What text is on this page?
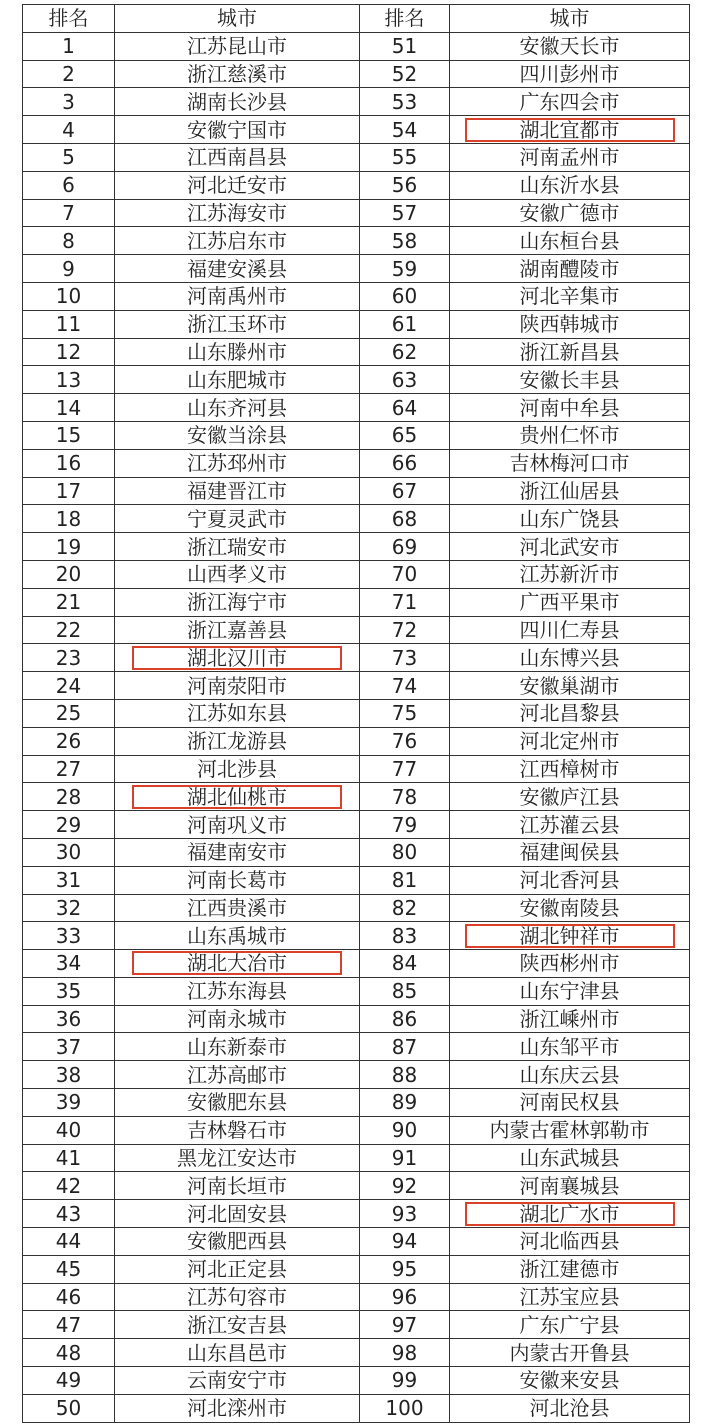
排名	城市	排名	城市
1	江苏昆山市	51	安徽天长市
2	浙江慈溪市	52	四川彭州市
3	湖南长沙县	53	广东四会市
4	安徽宁国市	54	湖北宜都市

5	江西南昌县	55	河南孟州市
6	河北迁安市	56	山东沂水县
7	江苏海安市	57	安徽广德市
8	江苏启东市	58	山东桓台县
9	福建安溪县	59	湖南醴陵市
10	河南禹州市	60	河北辛集市
11	浙江玉环市	61	陕西韩城市
12	山东滕州市	62	浙江新昌县
13	山东肥城市	63	安徽长丰县
14	山东齐河县	64	河南中牟县
15	安徽当涂县	65	贵州仁怀市
16	江苏邳州市	66	吉林梅河口市
17	福建晋江市	67	浙江仙居县
18	宁夏灵武市	68	山东广饶县
19	浙江瑞安市	69	河北武安市
20	山西孝义市	70	江苏新沂市
21	浙江海宁市	71	广西平果市
22	浙江嘉善县	72	四川仁寿县
23	湖北汉川市	73	山东博兴县
24	河南荥阳市	74	安徽巢湖市
25	江苏如东县	75	河北昌黎县
26	浙江龙游县	76	河北定州市
27	河北涉县	77	江西樟树市
28	湖北仙桃市	78	安徽庐江县
29	河南巩义市	79	江苏灌云县
30	福建南安市	80	福建闽侯县
31	河南长葛市	81	河北香河县
32	江西贵溪市	82	安徽南陵县
33	山东禹城市	83	湖北钟祥市

34	湖北大冶市	84	陕西彬州市
35	江苏东海县	85	山东宁津县
36	河南永城市	86	浙江嵊州市
37	山东新泰市	87	山东邹平市
38	江苏高邮市	88	山东庆云县
39	安徽肥东县	89	河南民权县
40	吉林磐石市	90	内蒙古霍林郭勒市
41	黑龙江安达市	91	山东武城县
42	河南长垣市	92	河南襄城县
43	河北固安县	93	湖北广水市

44	安徽肥西县	94	河北临西县
45	河北正定县	95	浙江建德市
46	江苏句容市	96	江苏宝应县
47	浙江安吉县	97	广东广宁县
48	山东昌邑市	98	内蒙古开鲁县
49	云南安宁市	99	安徽来安县
50	河北滦州市	100	河北沧县
